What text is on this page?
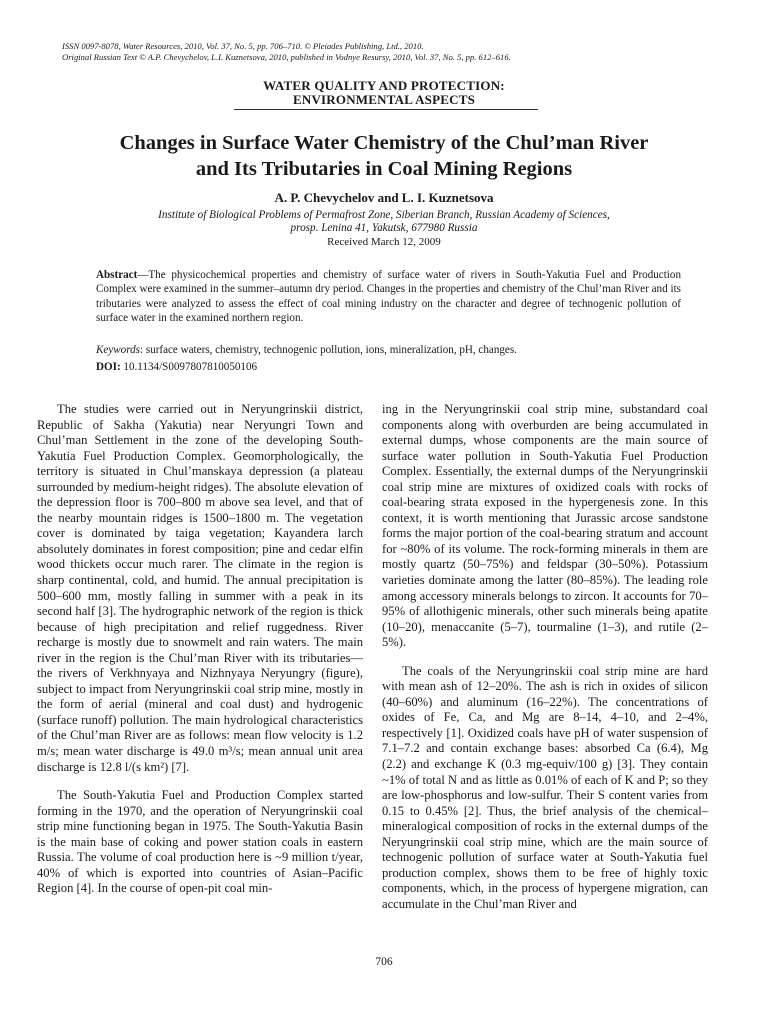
ISSN 0097-8078, Water Resources, 2010, Vol. 37, No. 5, pp. 706–710. © Pleiades Publishing, Ltd., 2010.
Original Russian Text © A.P. Chevychelov, L.I. Kuznetsova, 2010, published in Vodnye Resursy, 2010, Vol. 37, No. 5, pp. 612–616.
WATER QUALITY AND PROTECTION:
ENVIRONMENTAL ASPECTS
Changes in Surface Water Chemistry of the Chul’man River
and Its Tributaries in Coal Mining Regions
A. P. Chevychelov and L. I. Kuznetsova
Institute of Biological Problems of Permafrost Zone, Siberian Branch, Russian Academy of Sciences,
prosp. Lenina 41, Yakutsk, 677980 Russia
Received March 12, 2009
Abstract—The physicochemical properties and chemistry of surface water of rivers in South-Yakutia Fuel and Production Complex were examined in the summer–autumn dry period. Changes in the properties and chemistry of the Chul’man River and its tributaries were analyzed to assess the effect of coal mining industry on the character and degree of technogenic pollution of surface water in the examined northern region.
Keywords: surface waters, chemistry, technogenic pollution, ions, mineralization, pH, changes.
DOI: 10.1134/S0097807810050106

The studies were carried out in Neryungrinskii district, Republic of Sakha (Yakutia) near Neryungri Town and Chul’man Settlement in the zone of the developing South-Yakutia Fuel Production Complex. Geomorphologically, the territory is situated in Chul’manskaya depression (a plateau surrounded by medium-height ridges). The absolute elevation of the depression floor is 700–800 m above sea level, and that of the nearby mountain ridges is 1500–1800 m. The vegetation cover is dominated by taiga vegetation; Kayandera larch absolutely dominates in forest composition; pine and cedar elfin wood thickets occur much rarer. The climate in the region is sharp continental, cold, and humid. The annual precipitation is 500–600 mm, mostly falling in summer with a peak in its second half [3]. The hydrographic network of the region is thick because of high precipitation and relief ruggedness. River recharge is mostly due to snowmelt and rain waters. The main river in the region is the Chul’man River with its tributaries—the rivers of Verkhnyaya and Nizhnyaya Neryungry (figure), subject to impact from Neryungrinskii coal strip mine, mostly in the form of aerial (mineral and coal dust) and hydrogenic (surface runoff) pollution. The main hydrological characteristics of the Chul’man River are as follows: mean flow velocity is 1.2 m/s; mean water discharge is 49.0 m³/s; mean annual unit area discharge is 12.8 l/(s km²) [7].

The South-Yakutia Fuel and Production Complex started forming in the 1970, and the operation of Neryungrinskii coal strip mine functioning began in 1975. The South-Yakutia Basin is the main base of coking and power station coals in eastern Russia. The volume of coal production here is ~9 million t/year, 40% of which is exported into countries of Asian–Pacific Region [4]. In the course of open-pit coal min-

ing in the Neryungrinskii coal strip mine, substandard coal components along with overburden are being accumulated in external dumps, whose components are the main source of surface water pollution in South-Yakutia Fuel Production Complex. Essentially, the external dumps of the Neryungrinskii coal strip mine are mixtures of oxidized coals with rocks of coal-bearing strata exposed in the hypergenesis zone. In this context, it is worth mentioning that Jurassic arcose sandstone forms the major portion of the coal-bearing stratum and account for ~80% of its volume. The rock-forming minerals in them are mostly quartz (50–75%) and feldspar (30–50%). Potassium varieties dominate among the latter (80–85%). The leading role among accessory minerals belongs to zircon. It accounts for 70–95% of allothigenic minerals, other such minerals being apatite (10–20), menaccanite (5–7), tourmaline (1–3), and rutile (2–5%).

The coals of the Neryungrinskii coal strip mine are hard with mean ash of 12–20%. The ash is rich in oxides of silicon (40–60%) and aluminum (16–22%). The concentrations of oxides of Fe, Ca, and Mg are 8–14, 4–10, and 2–4%, respectively [1]. Oxidized coals have pH of water suspension of 7.1–7.2 and contain exchange bases: absorbed Ca (6.4), Mg (2.2) and exchange K (0.3 mg-equiv/100 g) [3]. They contain ~1% of total N and as little as 0.01% of each of K and P; so they are low-phosphorus and low-sulfur. Their S content varies from 0.15 to 0.45% [2]. Thus, the brief analysis of the chemical–mineralogical composition of rocks in the external dumps of the Neryungrinskii coal strip mine, which are the main source of technogenic pollution of surface water at South-Yakutia fuel production complex, shows them to be free of highly toxic components, which, in the process of hypergene migration, can accumulate in the Chul’man River and

706
